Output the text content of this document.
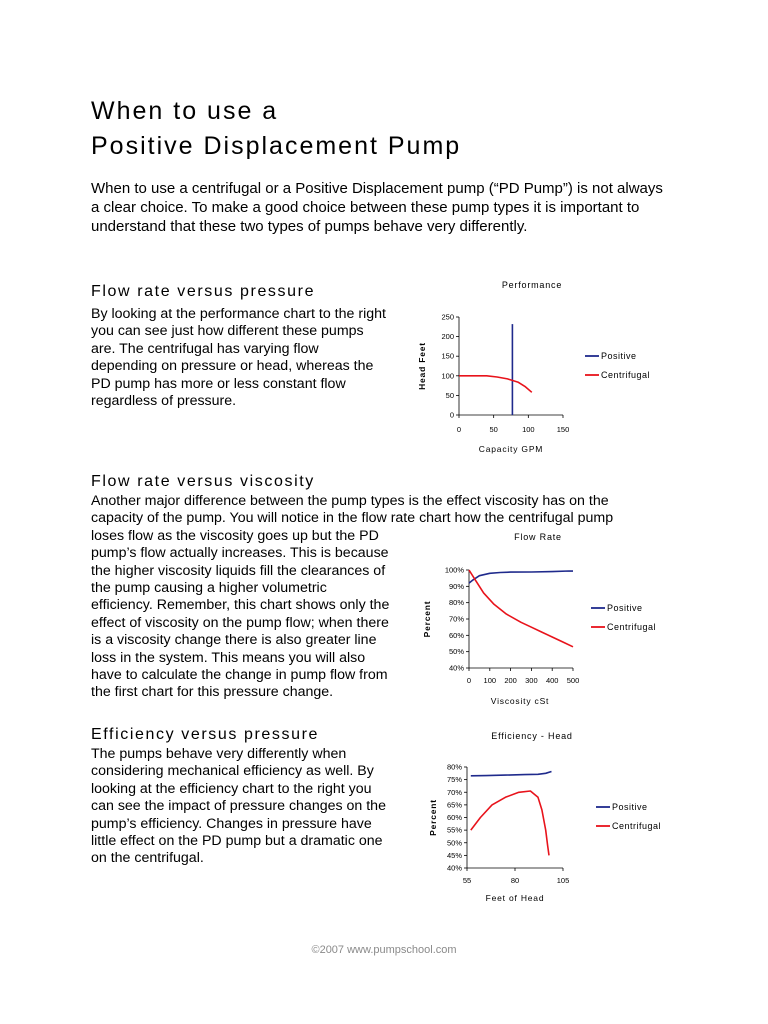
When to use a
Positive Displacement Pump

When to use a centrifugal or a Positive Displacement pump (“PD Pump”) is not always a clear choice. To make a good choice between these pump types it is important to understand that these two types of pumps behave very differently.

Flow rate versus pressure
By looking at the performance chart to the right
you can see just how different these pumps
are. The centrifugal has varying flow
depending on pressure or head, whereas the
PD pump has more or less constant flow
regardless of pressure.
Flow rate versus viscosity
Another major difference between the pump types is the effect viscosity has on the
capacity of the pump. You will notice in the flow rate chart how the centrifugal pump
loses flow as the viscosity goes up but the PD
pump’s flow actually increases. This is because
the higher viscosity liquids fill the clearances of
the pump causing a higher volumetric
efficiency. Remember, this chart shows only the
effect of viscosity on the pump flow; when there
is a viscosity change there is also greater line
loss in the system. This means you will also
have to calculate the change in pump flow from
the first chart for this pressure change.
Efficiency versus pressure
The pumps behave very differently when
considering mechanical efficiency as well. By
looking at the efficiency chart to the right you
can see the impact of pressure changes on the
pump’s efficiency. Changes in pressure have
little effect on the PD pump but a dramatic one
on the centrifugal.
Performance
0
50
100
150
200
250
0	50	100	150
Capacity GPM
Head Feet	Positive
Centrifugal
Flow Rate
40%
50%
60%
70%
80%
90%
100%
0 100 200 300 400 500
Viscosity cSt
Percent	Positive
Centrifugal
Efficiency - Head
40%
45%
50%
55%
60%
65%
70%
75%
80%
55	80	105
Feet of Head
Percent	Positive
Centrifugal
©2007 www.pumpschool.com
